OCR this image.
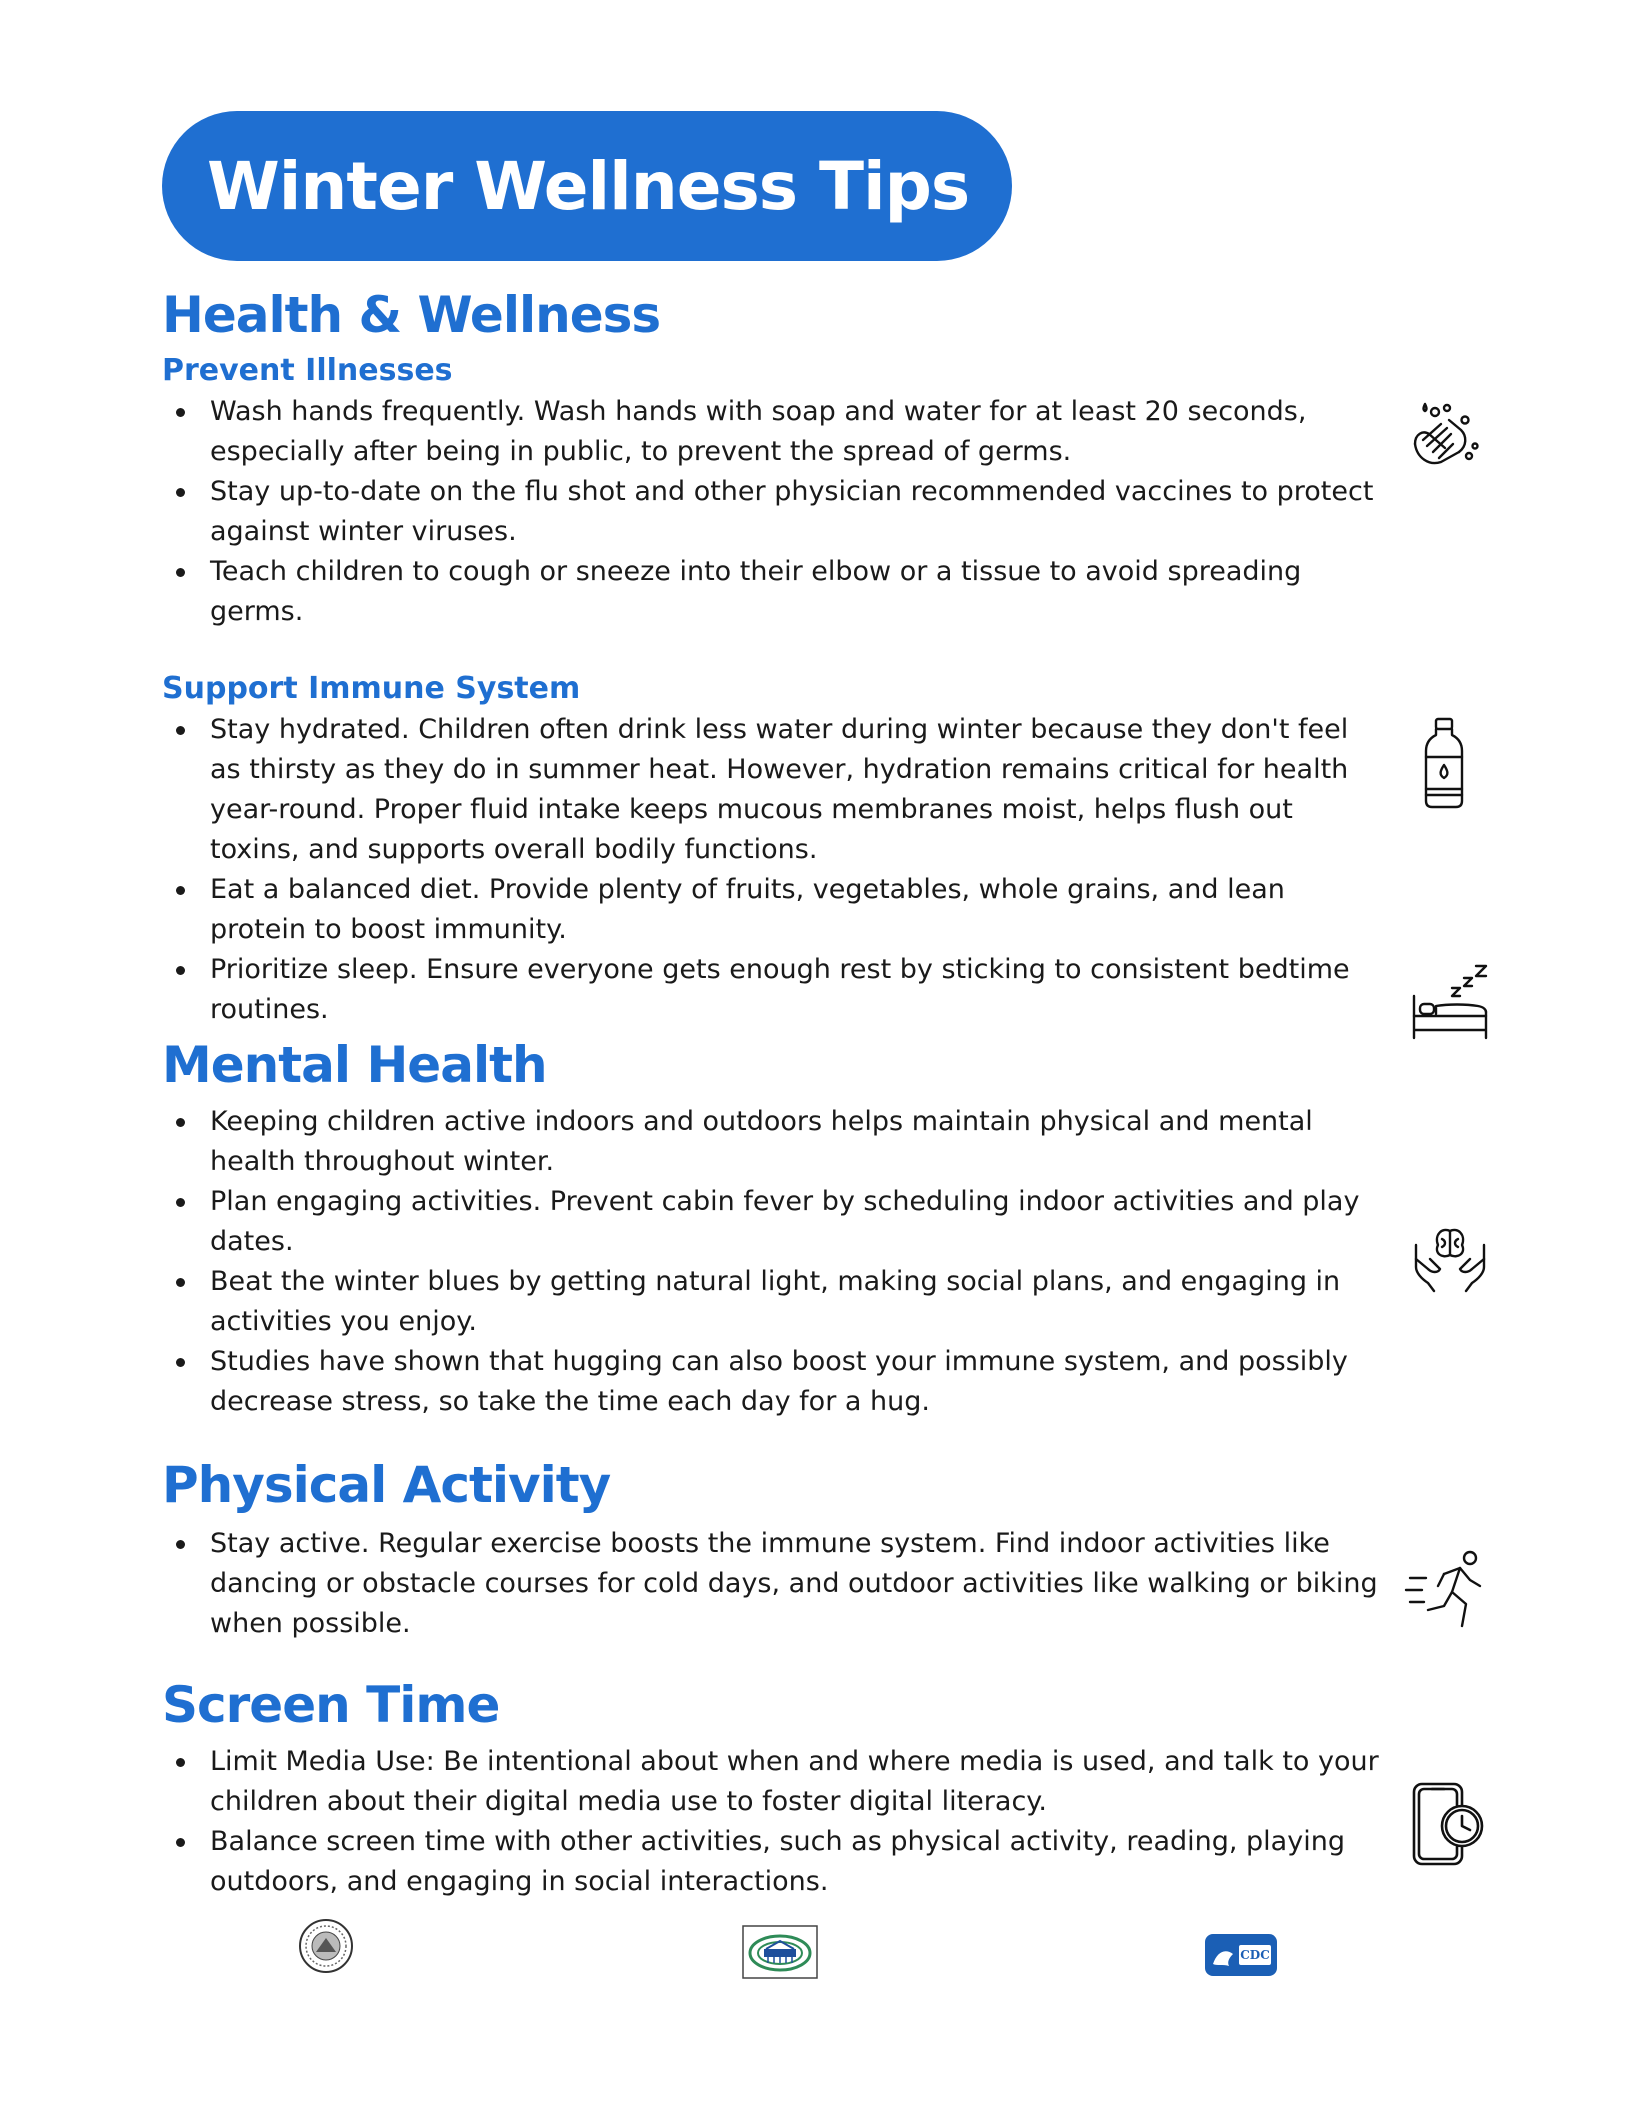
Winter Wellness Tips
Health & Wellness
Prevent Illnesses
Wash hands frequently. Wash hands with soap and water for at least 20 seconds, especially after being in public, to prevent the spread of germs.
Stay up-to-date on the flu shot and other physician recommended vaccines to protect against winter viruses.
Teach children to cough or sneeze into their elbow or a tissue to avoid spreading germs.
Support Immune System
Stay hydrated. Children often drink less water during winter because they don't feel as thirsty as they do in summer heat. However, hydration remains critical for health year-round. Proper fluid intake keeps mucous membranes moist, helps flush out toxins, and supports overall bodily functions.
Eat a balanced diet. Provide plenty of fruits, vegetables, whole grains, and lean protein to boost immunity.
Prioritize sleep. Ensure everyone gets enough rest by sticking to consistent bedtime routines.
Mental Health
Keeping children active indoors and outdoors helps maintain physical and mental health throughout winter.
Plan engaging activities. Prevent cabin fever by scheduling indoor activities and play dates.
Beat the winter blues by getting natural light, making social plans, and engaging in activities you enjoy.
Studies have shown that hugging can also boost your immune system, and possibly decrease stress, so take the time each day for a hug.
Physical Activity
Stay active. Regular exercise boosts the immune system. Find indoor activities like dancing or obstacle courses for cold days, and outdoor activities like walking or biking when possible.
Screen Time
Limit Media Use: Be intentional about when and where media is used, and talk to your children about their digital media use to foster digital literacy.
Balance screen time with other activities, such as physical activity, reading, playing outdoors, and engaging in social interactions.
CDC
